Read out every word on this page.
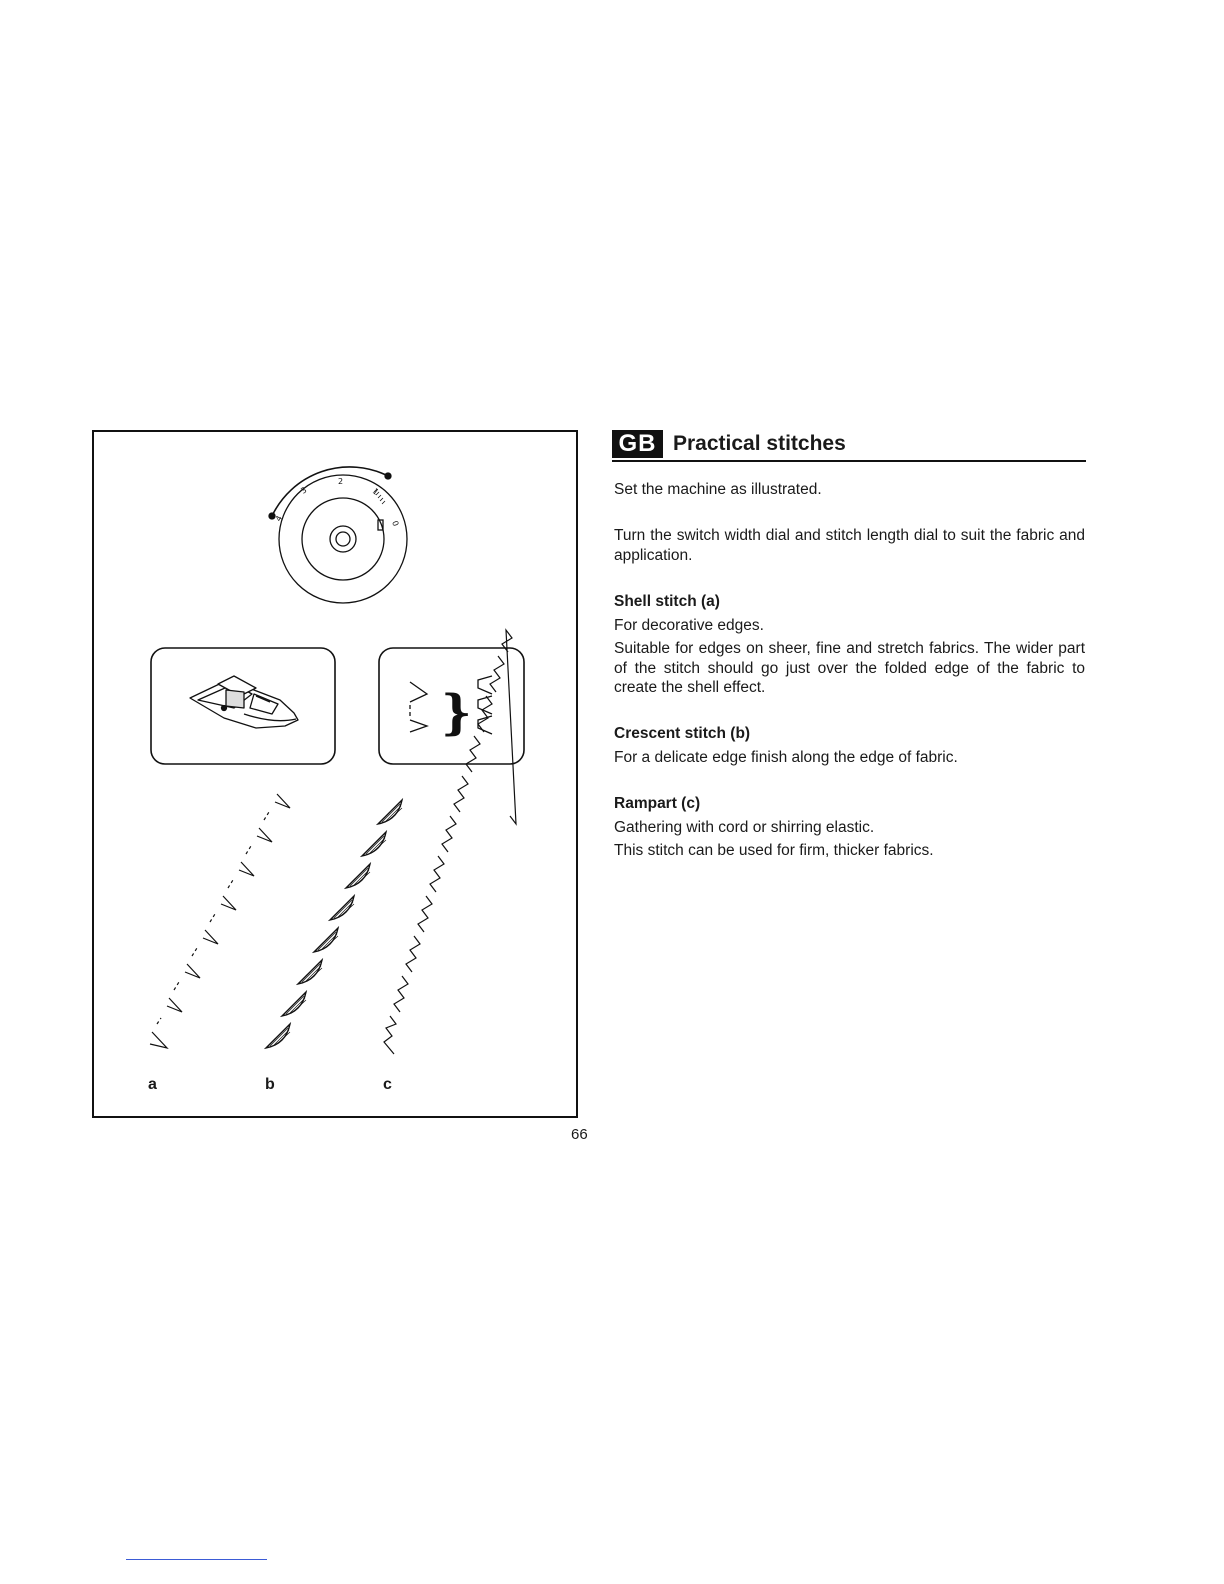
4
3
2
1
0
}
a	b	c
66
GB Practical stitches

Set the machine as illustrated.

Turn the switch width dial and stitch length dial to suit the fabric and application.

Shell stitch (a)

For decorative edges.

Suitable for edges on sheer, fine and stretch fabrics. The wider part of the stitch should go just over the folded edge of the fabric to create the shell effect.

Crescent stitch (b)

For a delicate edge finish along the edge of fabric.

Rampart (c)

Gathering with cord or shirring elastic.

This stitch can be used for firm, thicker fabrics.
